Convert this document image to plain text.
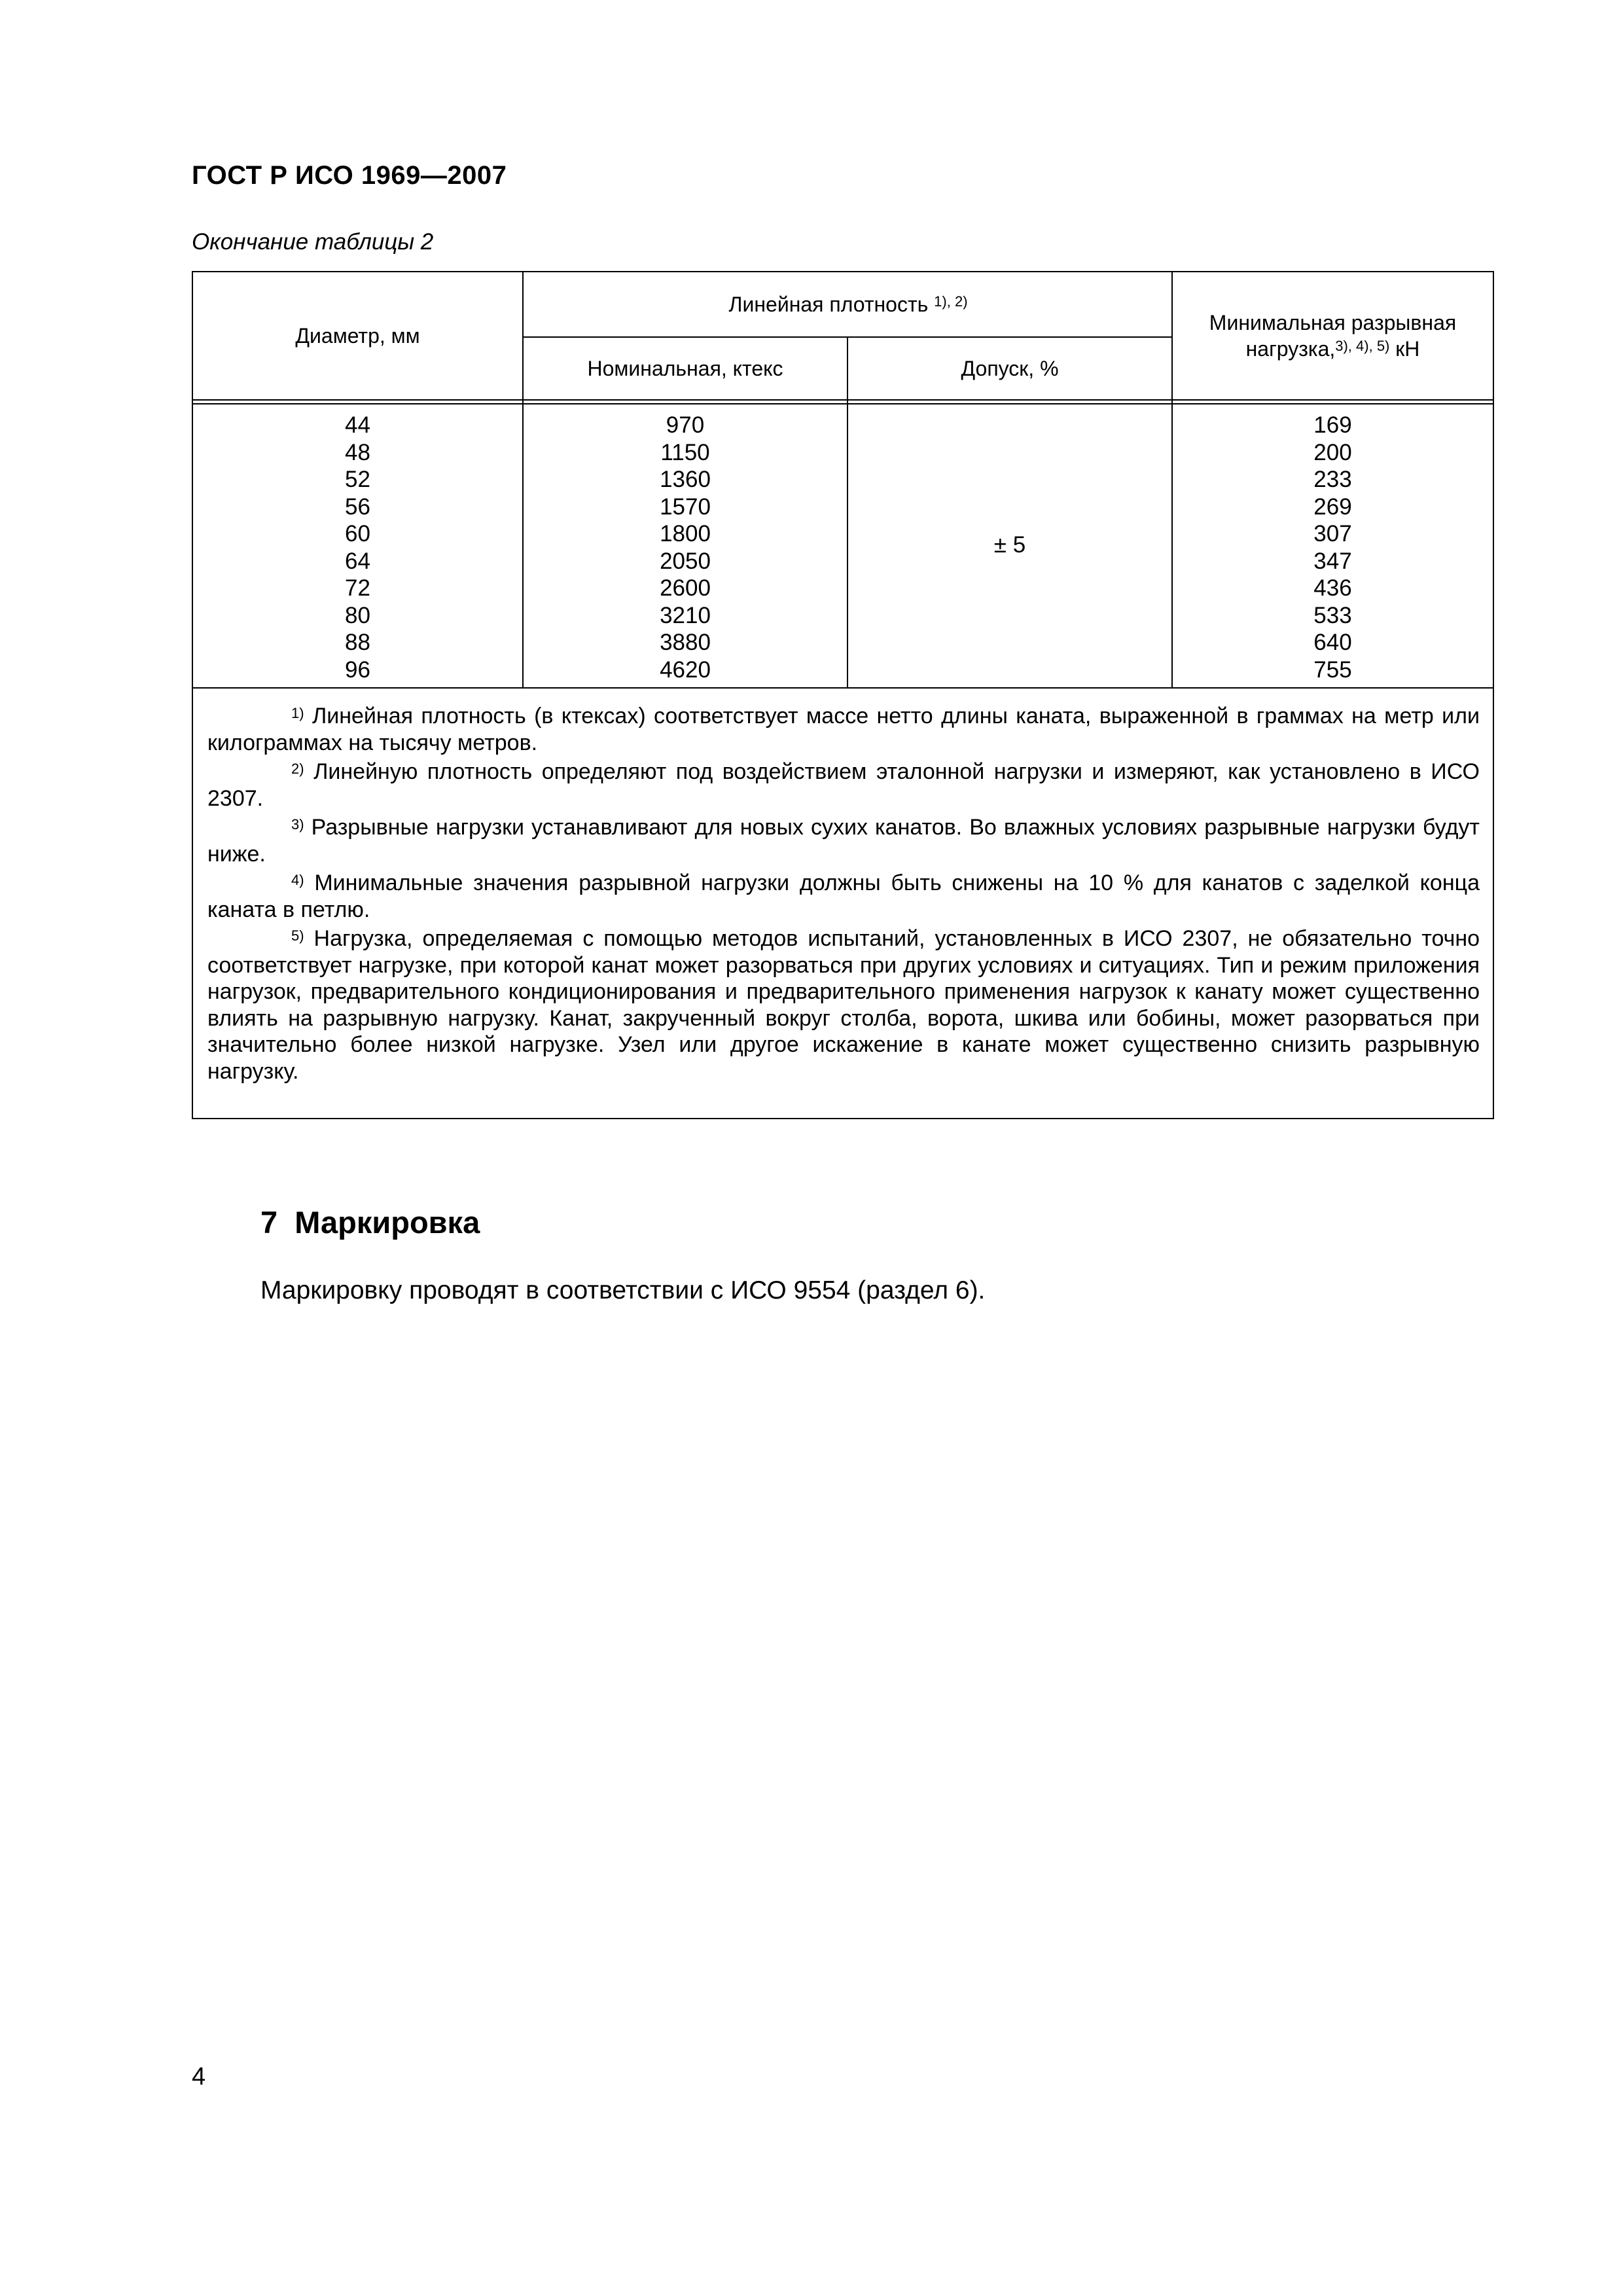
ГОСТ Р ИСО 1969—2007
Окончание таблицы 2
Диаметр, мм
Линейная плотность
$^{1), 2)}$
Номинальная, ктекс	Допуск, %
Минимальная разрывная
нагрузка,$^{3), 4), 5)}$ кН
44
48
52
56
60
64
72
80
88
96
970
1150
1360
1570
1800
2050
2600
3210
3880
4620
± 5
169
200
233
269
307
347
436
533
640
755

$^{1)}$ Линейная плотность (в ктексах) соответствует массе нетто длины каната, выраженной в граммах на метр или килограммах на тысячу метров.

$^{2)}$ Линейную плотность определяют под воздействием эталонной нагрузки и измеряют, как установлено в ИСО 2307.

$^{3)}$ Разрывные нагрузки устанавливают для новых сухих канатов. Во влажных условиях разрывные нагрузки будут ниже.

$^{4)}$ Минимальные значения разрывной нагрузки должны быть снижены на 10 % для канатов с заделкой конца каната в петлю.

$^{5)}$ Нагрузка, определяемая с помощью методов испытаний, установленных в ИСО 2307, не обязательно точно соответствует нагрузке, при которой канат может разорваться при других условиях и ситуациях. Тип и режим приложения нагрузок, предварительного кондиционирования и предварительного применения нагрузок к канату может существенно влиять на разрывную нагрузку. Канат, закрученный вокруг столба, ворота, шкива или бобины, может разорваться при значительно более низкой нагрузке. Узел или другое искажение в канате может существенно снизить разрывную нагрузку.

7  Маркировка
Маркировку проводят в соответствии с ИСО 9554 (раздел 6).
4
